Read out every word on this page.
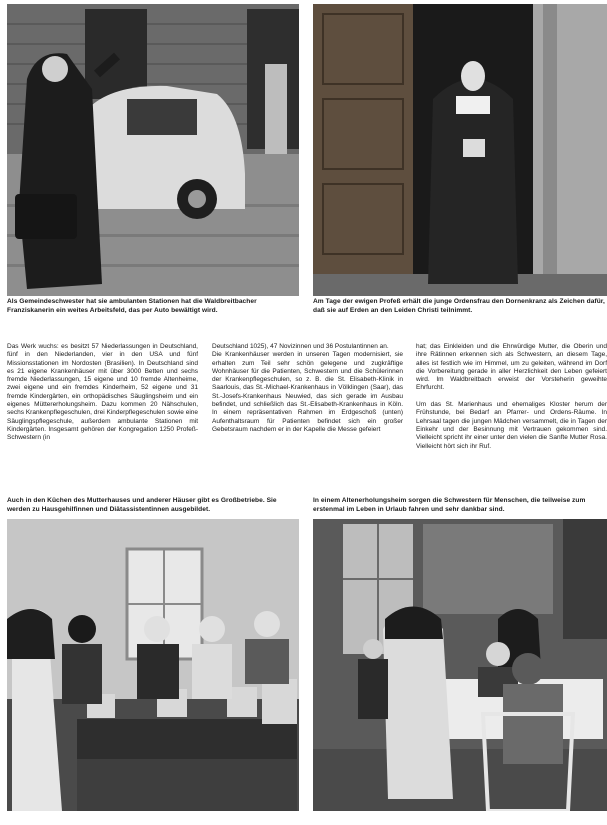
Als Gemeindeschwester hat sie ambulanten Stationen hat die Waldbreitbacher Franziskanerin ein weites Arbeitsfeld, das per Auto bewältigt wird.
Am Tage der ewigen Profeß erhält die junge Ordensfrau den Dornenkranz als Zeichen dafür, daß sie auf Erden an den Leiden Christi teilnimmt.
Das Werk wuchs: es besitzt 57 Niederlassungen in Deutschland, fünf in den Niederlanden, vier in den USA und fünf Missionsstationen im Nordosten (Brasilien). In Deutschland sind es 21 eigene Krankenhäuser mit über 3000 Betten und sechs fremde Niederlassungen, 15 eigene und 10 fremde Altenheime, zwei eigene und ein fremdes Kinderheim, 52 eigene und 31 fremde Kindergärten, ein orthopädisches Säuglingsheim und ein eigenes Müttererholungsheim. Dazu kommen 20 Nähschulen, sechs Krankenpflegeschulen, drei Kinderpflegeschulen sowie eine Säuglingspflegeschule, außerdem ambulante Stationen mit Kindergärten. Insgesamt gehören der Kongregation 1250 Profeß-Schwestern (in
Deutschland 1025), 47 Novizinnen und 36 Postulantinnen an.
Die Krankenhäuser werden in unseren Tagen modernisiert, sie erhalten zum Teil sehr schön gelegene und zugkräftige Wohnhäuser für die Patienten, Schwestern und die Schülerinnen der Krankenpflegeschulen, so z. B. die St. Elisabeth-Klinik in Saarlouis, das St.-Michael-Krankenhaus in Völklingen (Saar), das St.-Josefs-Krankenhaus Neuwied, das sich gerade im Ausbau befindet, und schließlich das St.-Elisabeth-Krankenhaus in Köln. In einem repräsentativen Rahmen im Erdgeschoß (unten) Aufenthaltsraum für Patienten befindet sich ein großer Gebetsraum nachdem er in der Kapelle die Messe gefeiert
hat; das Einkleiden und die Ehrwürdige Mutter, die Oberin und ihre Rätinnen erkennen sich als Schwestern, an diesem Tage, alles ist festlich wie im Himmel, um zu geleiten, während im Dorf die Vorbereitung gerade in aller Herzlichkeit den Leben gefeiert wird. Im Waldbreitbach erweist der Vorsteherin geweihte Ehrfurcht.

Um das St. Marienhaus und ehemaliges Kloster herum der Frühstunde, bei Bedarf an Pfarrer- und Ordens-Räume. In Lehrsaal tagen die jungen Mädchen versammelt, die in Tagen der Einkehr und der Besinnung mit Vertrauen gekommen sind. Vielleicht spricht ihr einer unter den vielen die Sanfte Mutter Rosa. Vielleicht hört sich ihr Ruf.
Auch in den Küchen des Mutterhauses und anderer Häuser gibt es Großbetriebe. Sie werden zu Hausgehilfinnen und Diätassistentinnen ausgebildet.
In einem Altenerholungsheim sorgen die Schwestern für Menschen, die teilweise zum erstenmal im Leben in Urlaub fahren und sehr dankbar sind.
